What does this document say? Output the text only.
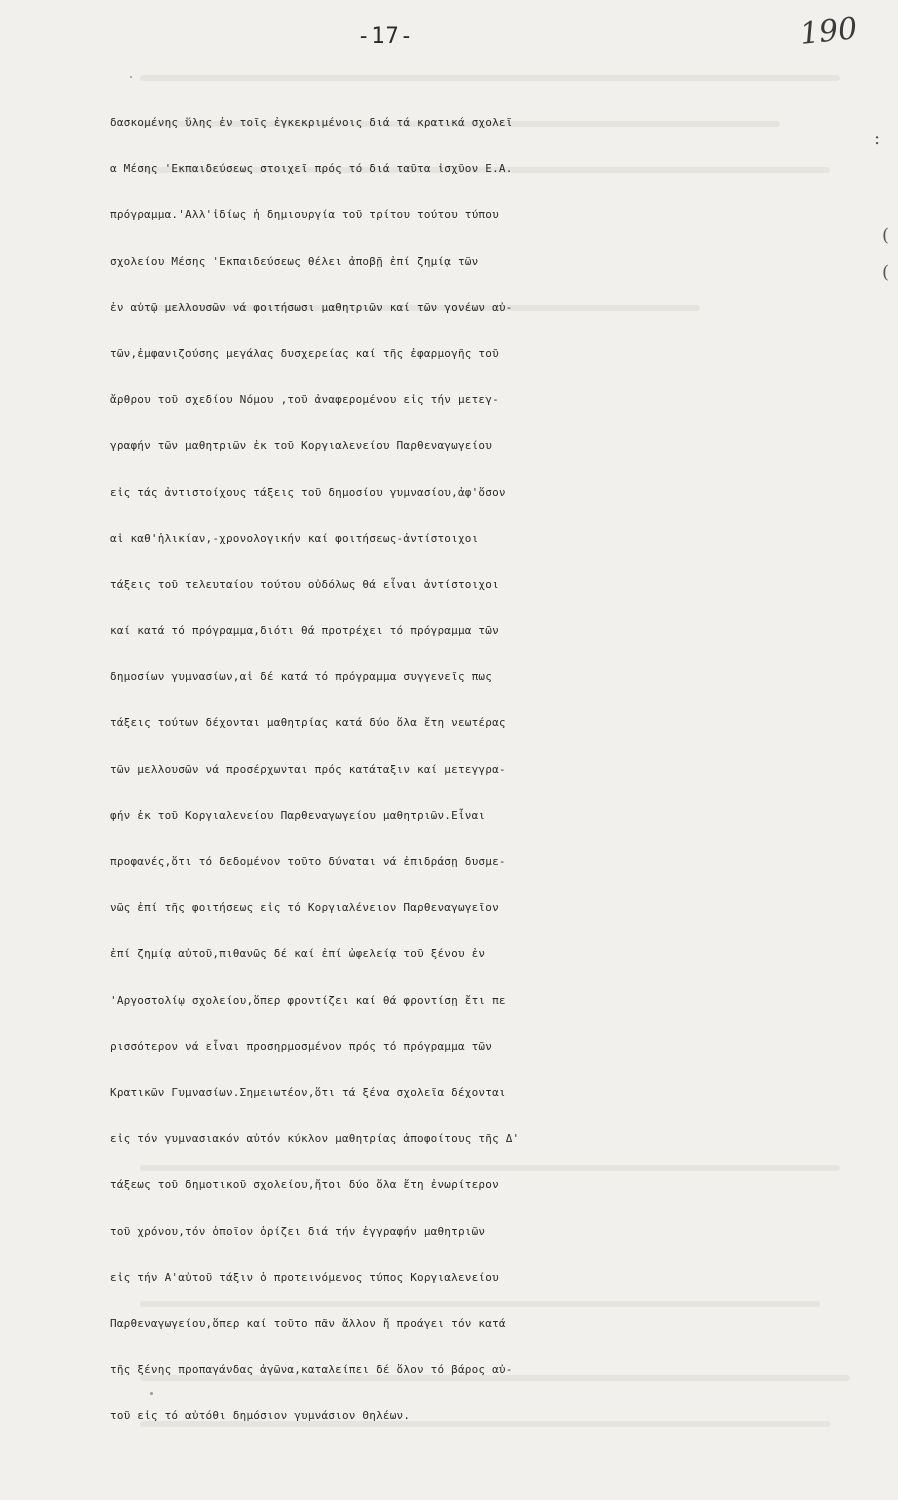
-17-	190
:
(
(
δασκομένης ὕλης ἐν τοῖς ἐγκεκριμένοις διά τά κρατικά σχολεῖ
α Μέσης 'Εκπαιδεύσεως στοιχεῖ πρός τό διά ταῦτα ἰσχῦον Ε.Α.
πρόγραμμα.'Αλλ'ἰδίως ἡ δημιουργία τοῦ τρίτου τούτου τύπου
σχολείου Μέσης 'Εκπαιδεύσεως θέλει ἀποβῇ ἐπί ζημίᾳ τῶν
ἐν αὐτῷ μελλουσῶν νά φοιτήσωσι μαθητριῶν καί τῶν γονέων αὐ-
τῶν,ἐμφανιζούσης μεγάλας δυσχερείας καί τῆς ἐφαρμογῆς τοῦ
ἄρθρου τοῦ σχεδίου Νόμου ,τοῦ ἀναφερομένου εἰς τήν μετεγ-
γραφήν τῶν μαθητριῶν ἐκ τοῦ Κοργιαλενείου Παρθεναγωγείου
εἰς τάς ἀντιστοίχους τάξεις τοῦ δημοσίου γυμνασίου,ἀφ'ὅσον
αἱ καθ'ἡλικίαν,-χρονολογικήν καί φοιτήσεως-ἀντίστοιχοι
τάξεις τοῦ τελευταίου τούτου οὐδόλως θά εἶναι ἀντίστοιχοι
καί κατά τό πρόγραμμα,διότι θά προτρέχει τό πρόγραμμα τῶν
δημοσίων γυμνασίων,αἱ δέ κατά τό πρόγραμμα συγγενεῖς πως
τάξεις τούτων δέχονται μαθητρίας κατά δύο ὅλα ἔτη νεωτέρας
τῶν μελλουσῶν νά προσέρχωνται πρός κατάταξιν καί μετεγγρα-
φήν ἐκ τοῦ Κοργιαλενείου Παρθεναγωγείου μαθητριῶν.Εἶναι
προφανές,ὅτι τό δεδομένον τοῦτο δύναται νά ἐπιδράσῃ δυσμε-
νῶς ἐπί τῆς φοιτήσεως εἰς τό Κοργιαλένειον Παρθεναγωγεῖον
ἐπί ζημίᾳ αὐτοῦ,πιθανῶς δέ καί ἐπί ὠφελείᾳ τοῦ ξένου ἐν
'Αργοστολίῳ σχολείου,ὅπερ φροντίζει καί θά φροντίσῃ ἔτι πε
ρισσότερον νά εἶναι προσηρμοσμένον πρός τό πρόγραμμα τῶν
Κρατικῶν Γυμνασίων.Σημειωτέον,ὅτι τά ξένα σχολεῖα δέχονται
εἰς τόν γυμνασιακόν αὐτόν κύκλον μαθητρίας ἀποφοίτους τῆς Δ'
τάξεως τοῦ δημοτικοῦ σχολείου,ἤτοι δύο ὅλα ἔτη ἐνωρίτερον
τοῦ χρόνου,τόν ὁποῖον ὁρίζει διά τήν ἐγγραφήν μαθητριῶν
εἰς τήν Α'αὐτοῦ τάξιν ὁ προτεινόμενος τύπος Κοργιαλενείου
Παρθεναγωγείου,ὅπερ καί τοῦτο πᾶν ἄλλον ἤ προάγει τόν κατά
τῆς ξένης προπαγάνδας ἀγῶνα,καταλείπει δέ ὅλον τό βάρος αὐ-
τοῦ εἰς τό αὐτόθι δημόσιον γυμνάσιον Θηλέων.
